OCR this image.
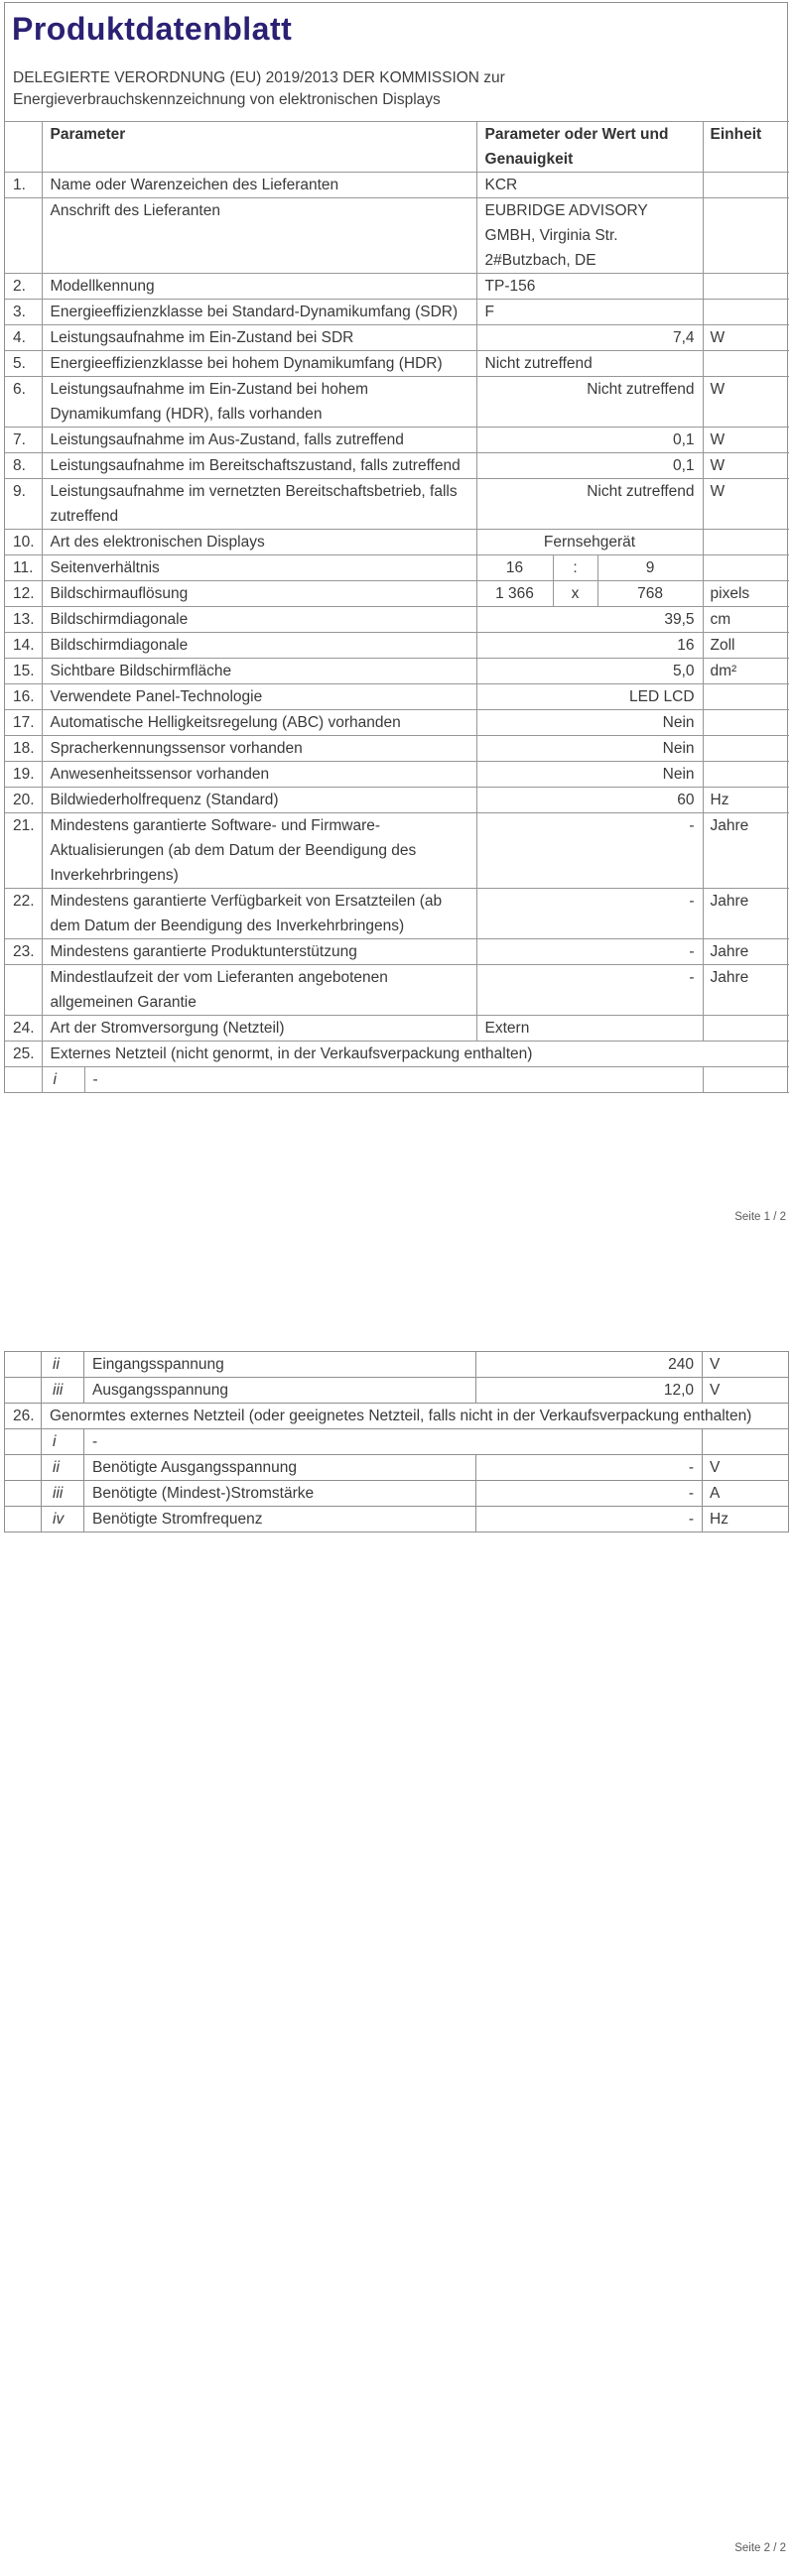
Produktdatenblatt
DELEGIERTE VERORDNUNG (EU) 2019/2013 DER KOMMISSION zur
Energieverbrauchskennzeichnung von elektronischen Displays
	Parameter		Parameter oder Wert und Genauigkeit			Einheit
1.	Name oder Warenzeichen des Lieferanten		KCR			
	Anschrift des Lieferanten		EUBRIDGE ADVISORY GMBH, Virginia Str. 2#Butzbach, DE			
2.	Modellkennung		TP-156			
3.	Energieeffizienzklasse bei Standard-Dynamikumfang (SDR)		F			
4.	Leistungsaufnahme im Ein-Zustand bei SDR		7,4			W
5.	Energieeffizienzklasse bei hohem Dynamikumfang (HDR)		Nicht zutreffend			
6.	Leistungsaufnahme im Ein-Zustand bei hohem Dynamikumfang (HDR), falls vorhanden		Nicht zutreffend			W
7.	Leistungsaufnahme im Aus-Zustand, falls zutreffend		0,1			W
8.	Leistungsaufnahme im Bereitschaftszustand, falls zutreffend		0,1			W
9.	Leistungsaufnahme im vernetzten Bereitschaftsbetrieb, falls zutreffend		Nicht zutreffend			W
10.	Art des elektronischen Displays		Fernsehgerät			
11.	Seitenverhältnis		16	:	9	
12.	Bildschirmauflösung		1 366	x	768	pixels
13.	Bildschirmdiagonale		39,5			cm
14.	Bildschirmdiagonale		16			Zoll
15.	Sichtbare Bildschirmfläche		5,0			dm²
16.	Verwendete Panel-Technologie		LED LCD			
17.	Automatische Helligkeitsregelung (ABC) vorhanden		Nein			
18.	Spracherkennungssensor vorhanden		Nein			
19.	Anwesenheitssensor vorhanden		Nein			
20.	Bildwiederholfrequenz (Standard)		60			Hz
21.	Mindestens garantierte Software- und Firmware-Aktualisierungen (ab dem Datum der Beendigung des Inverkehrbringens)		-			Jahre
22.	Mindestens garantierte Verfügbarkeit von Ersatzteilen (ab dem Datum der Beendigung des Inverkehrbringens)		-			Jahre
23.	Mindestens garantierte Produktunterstützung		-			Jahre
	Mindestlaufzeit der vom Lieferanten angebotenen allgemeinen Garantie		-			Jahre
24.	Art der Stromversorgung (Netzteil)		Extern			
25.	Externes Netzteil (nicht genormt, in der Verkaufsverpackung enthalten)					
	i	-				
Seite 1 / 2
	ii	Eingangsspannung	240	V
	iii	Ausgangsspannung	12,0	V
26.	Genormtes externes Netzteil (oder geeignetes Netzteil, falls nicht in der Verkaufsverpackung enthalten)			
	i	-		
	ii	Benötigte Ausgangsspannung	-	V
	iii	Benötigte (Mindest-)Stromstärke	-	A
	iv	Benötigte Stromfrequenz	-	Hz
Seite 2 / 2
